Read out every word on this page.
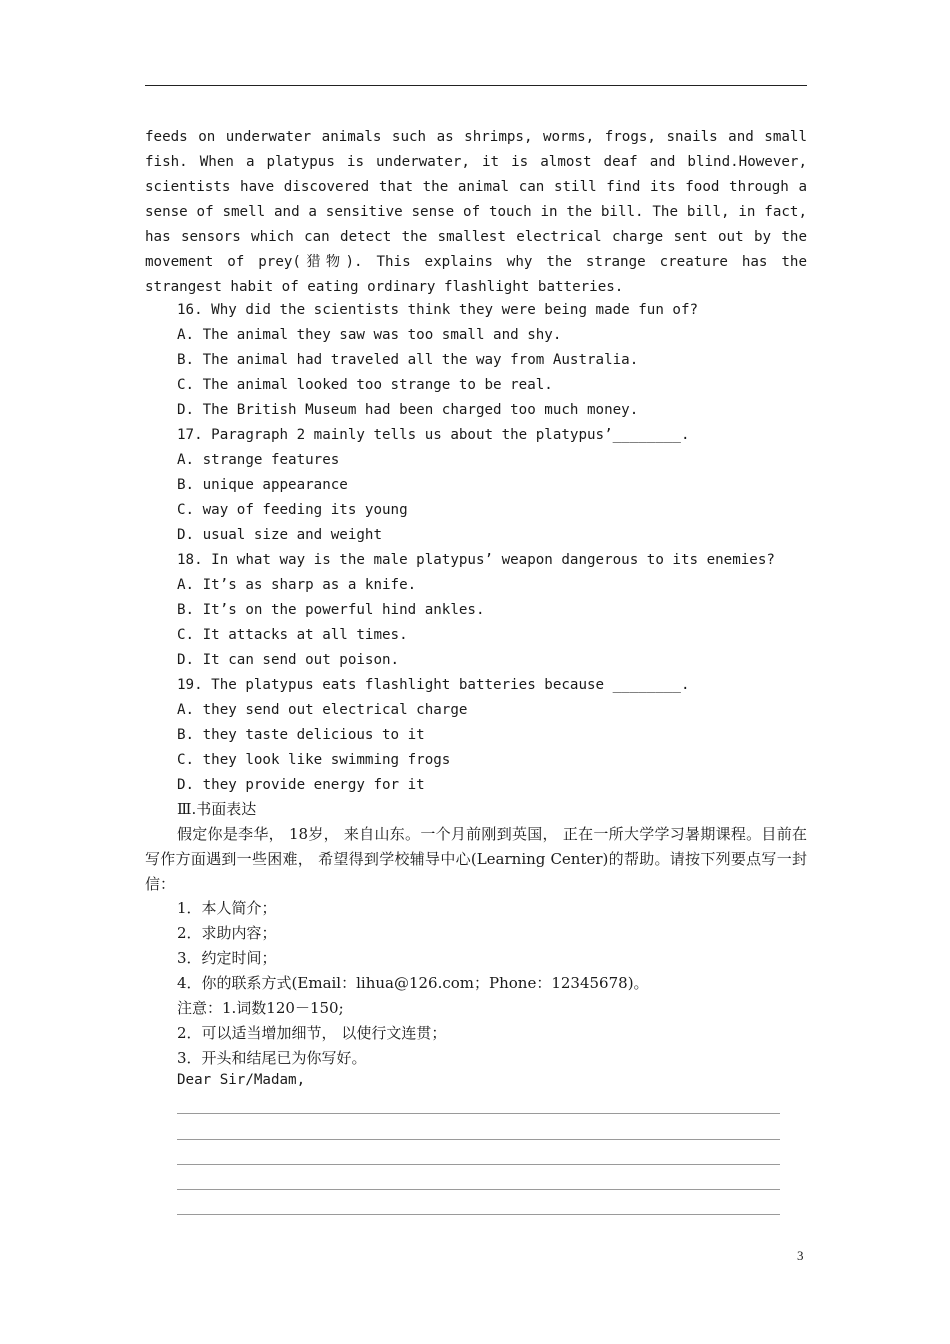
feeds on underwater animals such as shrimps, worms, frogs, snails and small fish. When a platypus is underwater, it is almost deaf and blind.However, scientists have discovered that the animal can still find its food through a sense of smell and a sensitive sense of touch in the bill. The bill, in fact, has sensors which can detect the smallest electrical charge sent out by the movement of prey(猎物). This explains why the strange creature has the strangest habit of eating ordinary flashlight batteries.

16. Why did the scientists think they were being made fun of?
A. The animal they saw was too small and shy.
B. The animal had traveled all the way from Australia.
C. The animal looked too strange to be real.
D. The British Museum had been charged too much money.
17. Paragraph 2 mainly tells us about the platypus’________.
A. strange features
B. unique appearance
C. way of feeding its young
D. usual size and weight
18. In what way is the male platypus’ weapon dangerous to its enemies?
A. It’s as sharp as a knife.
B. It’s on the powerful hind ankles.
C. It attacks at all times.
D. It can send out poison.
19. The platypus eats flashlight batteries because ________.
A. they send out electrical charge
B. they taste delicious to it
C. they look like swimming frogs
D. they provide energy for it
Ⅲ.书面表达

假定你是李华， 18岁， 来自山东。一个月前刚到英国， 正在一所大学学习暑期课程。目前在写作方面遇到一些困难， 希望得到学校辅导中心(Learning Center)的帮助。请按下列要点写一封信：

1．本人简介；
2．求助内容；
3．约定时间；
4．你的联系方式(Email：lihua@126.com；Phone：12345678)。
注意：1.词数120－150;
2．可以适当增加细节， 以使行文连贯；
3．开头和结尾已为你写好。
Dear Sir/Madam,
3
